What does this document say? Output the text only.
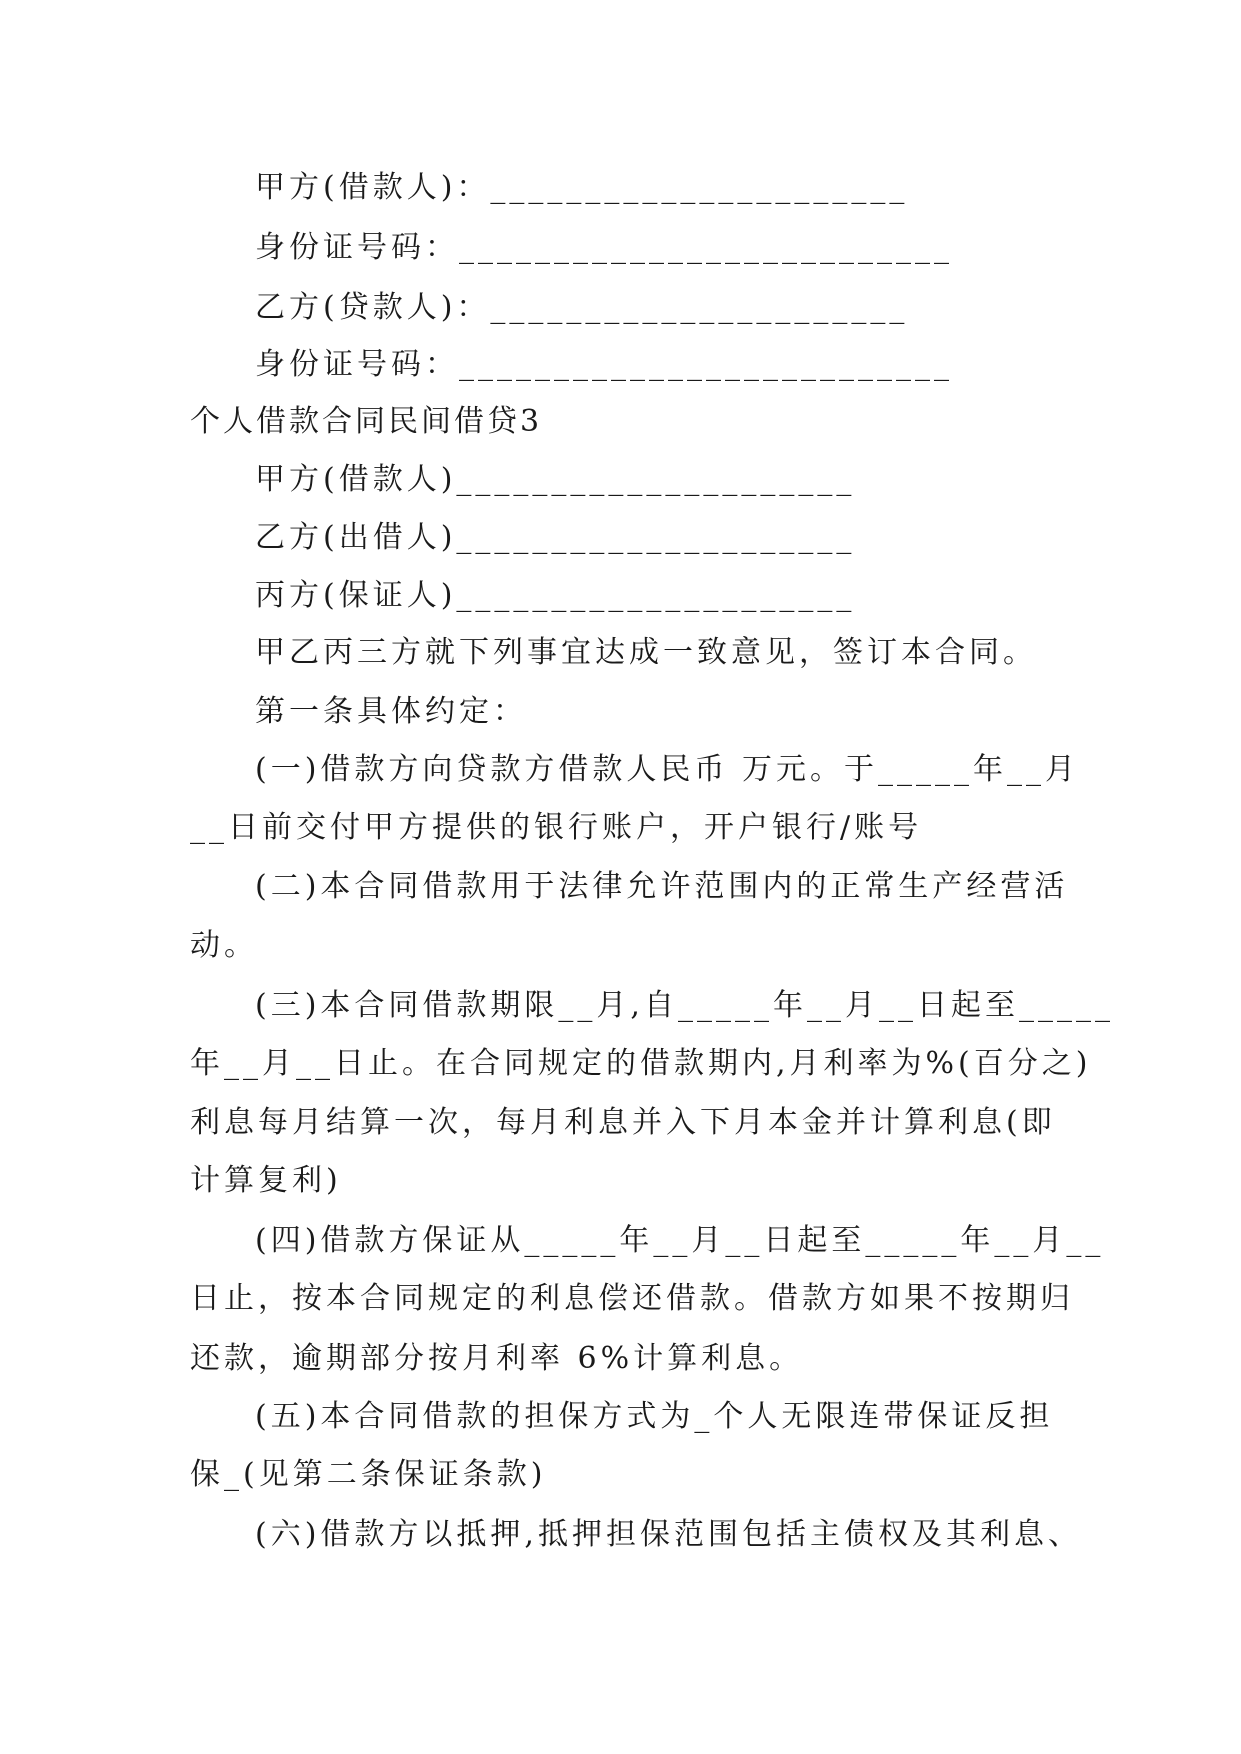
甲方(借款人)：______________________
身份证号码：__________________________
乙方(贷款人)：______________________
身份证号码：__________________________
个人借款合同民间借贷3
甲方(借款人)_____________________
乙方(出借人)_____________________
丙方(保证人)_____________________
甲乙丙三方就下列事宜达成一致意见，签订本合同。
第一条具体约定：
(一)借款方向贷款方借款人民币 万元。于_____年__月
__日前交付甲方提供的银行账户，开户银行/账号
(二)本合同借款用于法律允许范围内的正常生产经营活
动。
(三)本合同借款期限__月,自_____年__月__日起至_____
年__月__日止。在合同规定的借款期内,月利率为%(百分之)
利息每月结算一次，每月利息并入下月本金并计算利息(即
计算复利)
(四)借款方保证从_____年__月__日起至_____年__月__
日止，按本合同规定的利息偿还借款。借款方如果不按期归
还款，逾期部分按月利率 6%计算利息。
(五)本合同借款的担保方式为_个人无限连带保证反担
保_(见第二条保证条款)
(六)借款方以抵押,抵押担保范围包括主债权及其利息、
